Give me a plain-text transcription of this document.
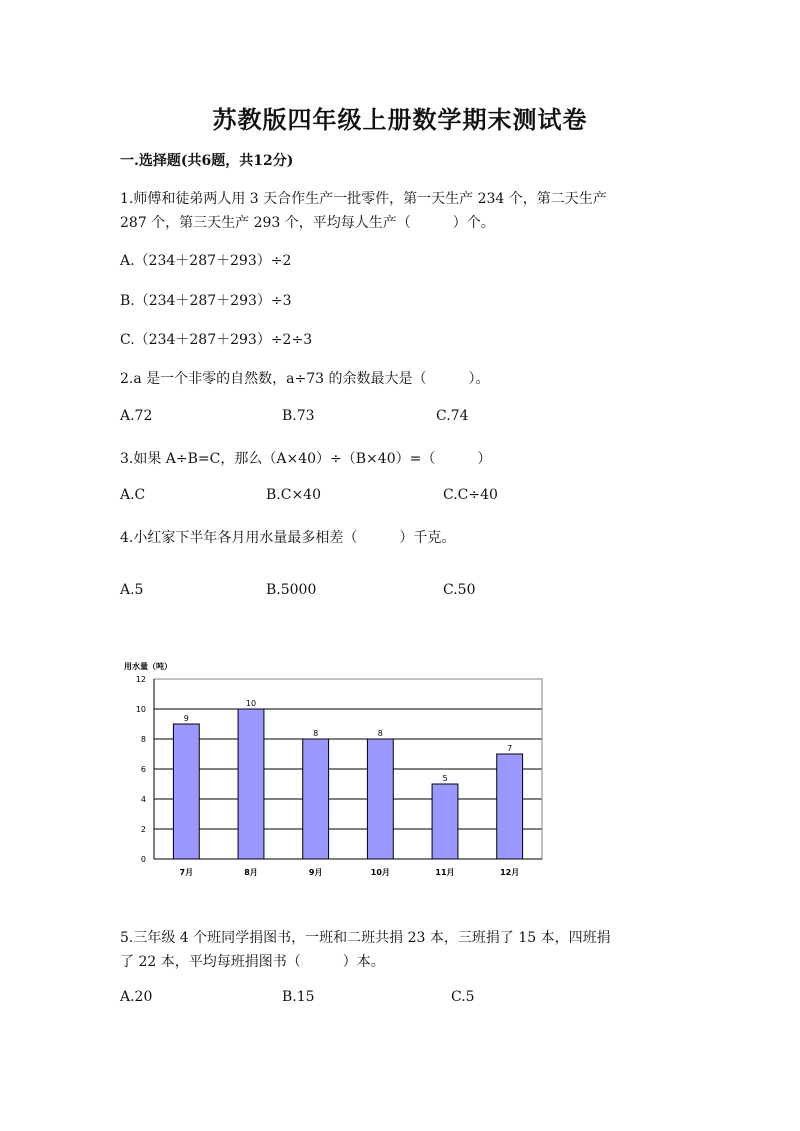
苏教版四年级上册数学期末测试卷
一.选择题(共6题，共12分)
1.师傅和徒弟两人用 3 天合作生产一批零件，第一天生产 234 个，第二天生产
287 个，第三天生产 293 个，平均每人生产（　　　）个。
A.（234＋287＋293）÷2
B.（234＋287＋293）÷3
C.（234＋287＋293）÷2÷3
2.a 是一个非零的自然数，a÷73 的余数最大是（　　　）。
A.72	B.73	C.74
3.如果 A÷B=C，那么（A×40）÷（B×40）=（　　　）
A.C	B.C×40	C.C÷40
4.小红家下半年各月用水量最多相差（　　　）千克。
A.5	B.5000	C.50
用水量（吨）
0
2
4
6
8
10
12
9
7月
10
8月
8
9月
8
10月
5
11月
7
12月
5.三年级 4 个班同学捐图书，一班和二班共捐 23 本，三班捐了 15 本，四班捐
了 22 本，平均每班捐图书（　　　）本。
A.20	B.15	C.5
